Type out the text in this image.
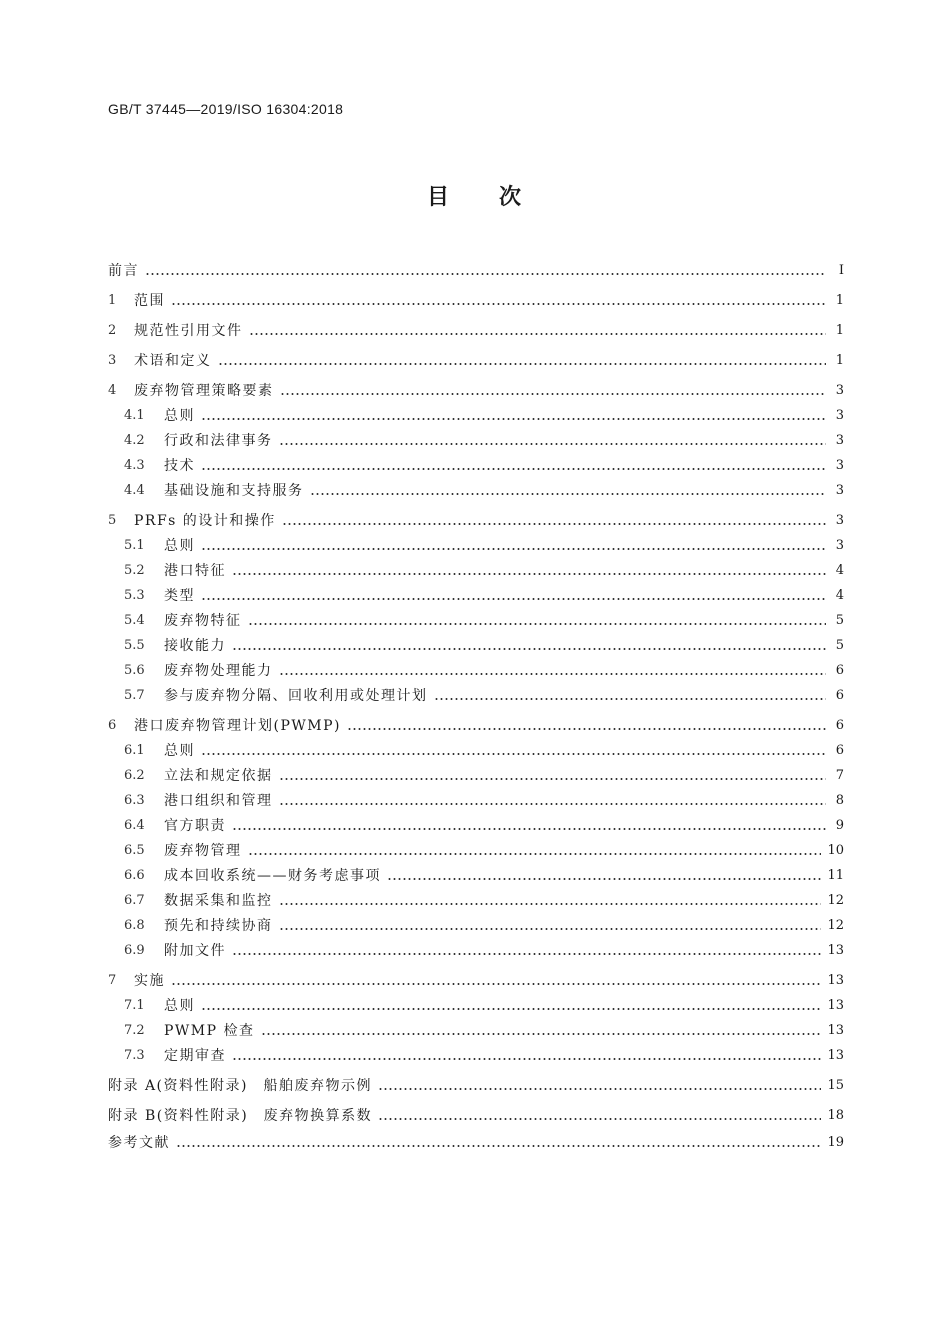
GB/T 37445—2019/ISO 16304:2018
目 次
前言	Ⅰ
1	范围	1
2	规范性引用文件	1
3	术语和定义	1
4	废弃物管理策略要素	3
4.1	总则	3
4.2	行政和法律事务	3
4.3	技术	3
4.4	基础设施和支持服务	3
5	PRFs 的设计和操作	3
5.1	总则	3
5.2	港口特征	4
5.3	类型	4
5.4	废弃物特征	5
5.5	接收能力	5
5.6	废弃物处理能力	6
5.7	参与废弃物分隔、回收利用或处理计划	6
6	港口废弃物管理计划(PWMP)	6
6.1	总则	6
6.2	立法和规定依据	7
6.3	港口组织和管理	8
6.4	官方职责	9
6.5	废弃物管理	10
6.6	成本回收系统——财务考虑事项	11
6.7	数据采集和监控	12
6.8	预先和持续协商	12
6.9	附加文件	13
7	实施	13
7.1	总则	13
7.2	PWMP 检查	13
7.3	定期审查	13
附录 A(资料性附录)　船舶废弃物示例	15
附录 B(资料性附录)　废弃物换算系数	18
参考文献	19
